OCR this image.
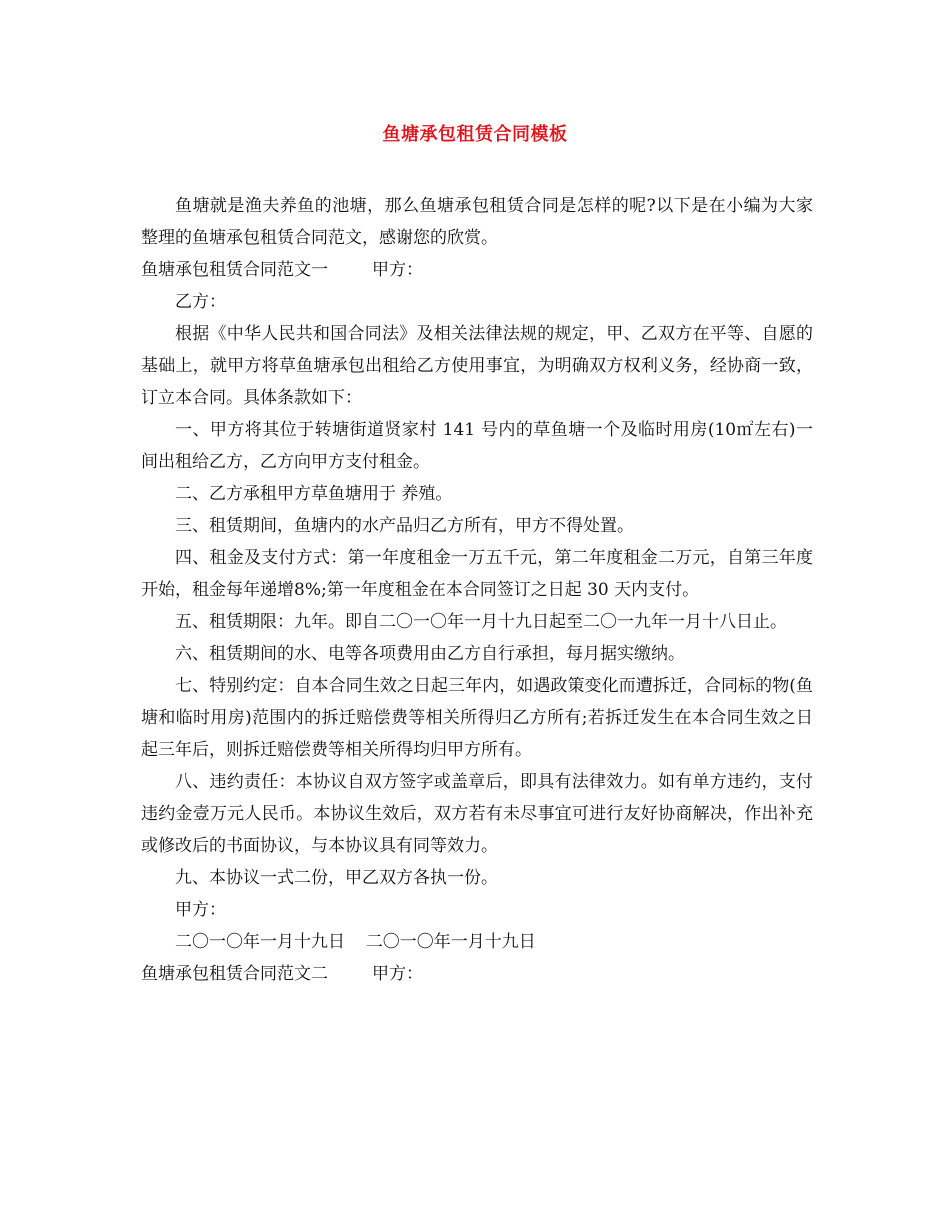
鱼塘承包租赁合同模板

鱼塘就是渔夫养鱼的池塘，那么鱼塘承包租赁合同是怎样的呢?以下是在小编为大家整理的鱼塘承包租赁合同范文，感谢您的欣赏。

鱼塘承包租赁合同范文一	甲方：

乙方：

根据《中华人民共和国合同法》及相关法律法规的规定，甲、乙双方在平等、自愿的基础上，就甲方将草鱼塘承包出租给乙方使用事宜，为明确双方权利义务，经协商一致，订立本合同。具体条款如下：

一、甲方将其位于转塘街道贤家村 141 号内的草鱼塘一个及临时用房(10㎡左右)一间出租给乙方，乙方向甲方支付租金。

二、乙方承租甲方草鱼塘用于 养殖。

三、租赁期间，鱼塘内的水产品归乙方所有，甲方不得处置。

四、租金及支付方式：第一年度租金一万五千元，第二年度租金二万元，自第三年度开始，租金每年递增8%;第一年度租金在本合同签订之日起 30 天内支付。

五、租赁期限：九年。即自二〇一〇年一月十九日起至二〇一九年一月十八日止。

六、租赁期间的水、电等各项费用由乙方自行承担，每月据实缴纳。

七、特别约定：自本合同生效之日起三年内，如遇政策变化而遭拆迁，合同标的物(鱼塘和临时用房)范围内的拆迁赔偿费等相关所得归乙方所有;若拆迁发生在本合同生效之日起三年后，则拆迁赔偿费等相关所得均归甲方所有。

八、违约责任：本协议自双方签字或盖章后，即具有法律效力。如有单方违约，支付违约金壹万元人民币。本协议生效后，双方若有未尽事宜可进行友好协商解决，作出补充或修改后的书面协议，与本协议具有同等效力。

九、本协议一式二份，甲乙双方各执一份。

甲方：

二〇一〇年一月十九日 二〇一〇年一月十九日

鱼塘承包租赁合同范文二	甲方：
